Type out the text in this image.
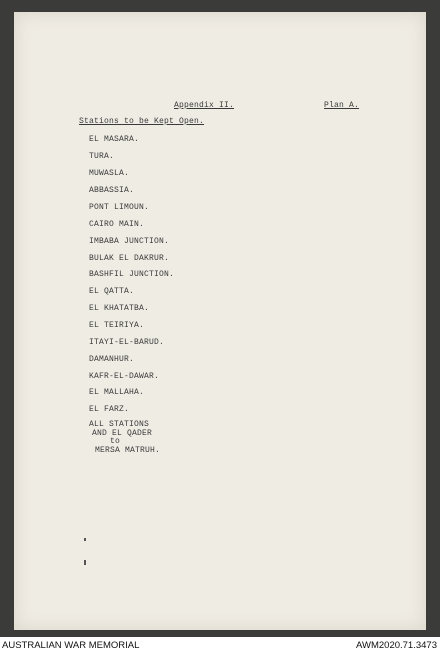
Appendix II.	Plan A.
Stations to be Kept Open.
EL MASARA.
TURA.
MUWASLA.
ABBASSIA.
PONT LIMOUN.
CAIRO MAIN.
IMBABA JUNCTION.
BULAK EL DAKRUR.
BASHFIL JUNCTION.
EL QATTA.
EL KHATATBA.
EL TEIRIYA.
ITAYI-EL-BARUD.
DAMANHUR.
KAFR-EL-DAWAR.
EL MALLAHA.
EL FARZ.
ALL STATIONS
AND EL QADER
to
MERSA MATRUH.
AUSTRALIAN WAR MEMORIAL	AWM2020.71.3473
